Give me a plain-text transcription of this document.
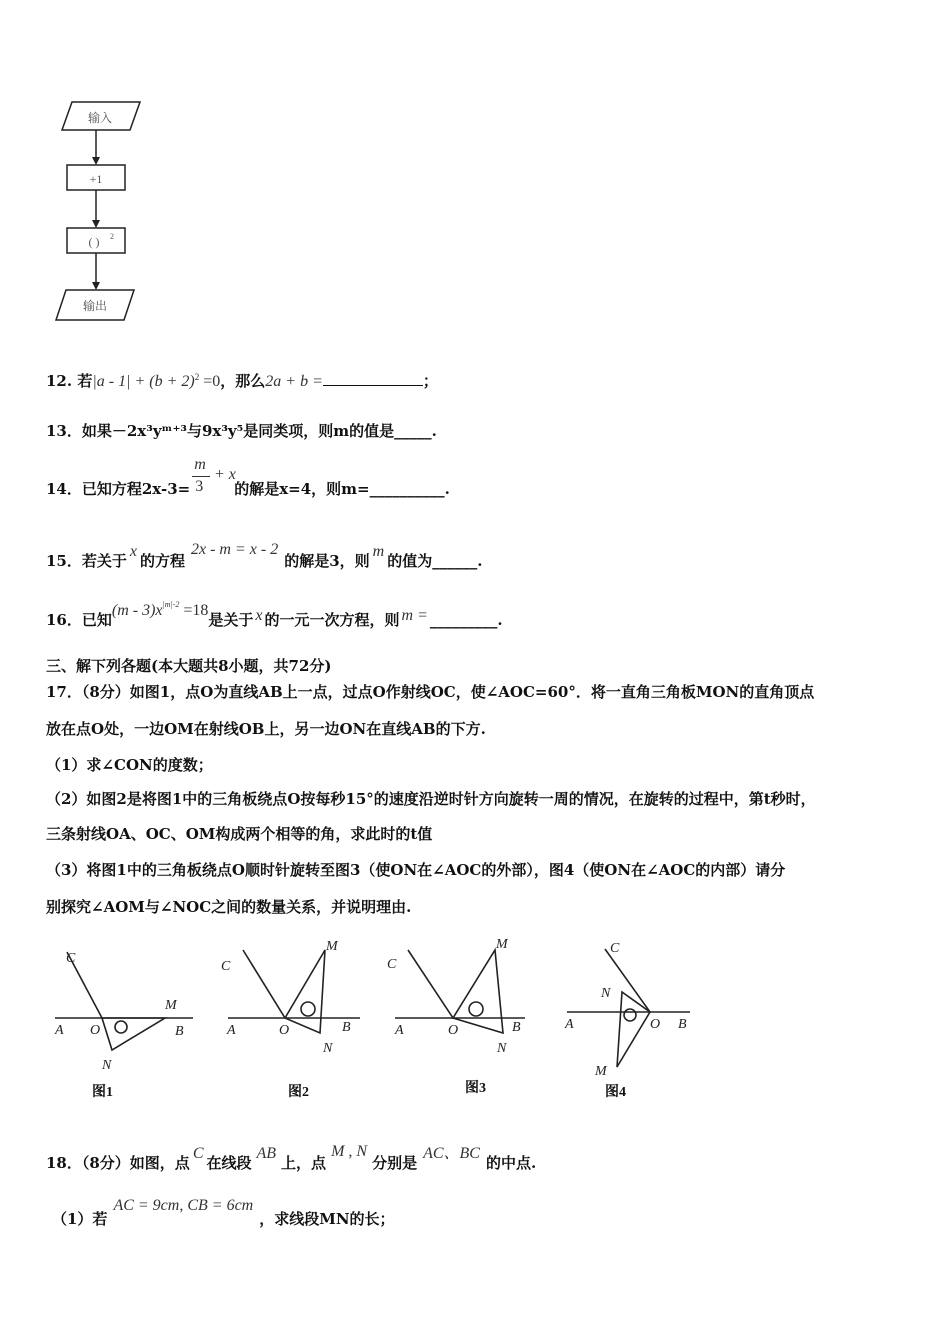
输入
+1
( ) 2
输出
12. 若$|a - 1| + (b + 2)^2 =0$，那么2a + b =	；
13．如果－2x³yᵐ⁺³与9x³y⁵是同类项，则m的值是_____.
14．已知方程$2x-3= \frac{m}{3}$
+ x
的解是x=4，则m=__________.
15．若关于x的方程2x - m = x - 2的解是3，则m的值为______.
16．已知$(m - 3)x^{|m|-2} =18$是关于 x 的一元一次方程，则 m = _________.
三、解下列各题(本大题共8小题，共72分)
17．（8分）如图1，点O为直线AB上一点，过点O作射线OC，使∠AOC=60°．将一直角三角板MON的直角顶点
放在点O处，一边OM在射线OB上，另一边ON在直线AB的下方.
（1）求∠CON的度数；
（2）如图2是将图1中的三角板绕点O按每秒15°的速度沿逆时针方向旋转一周的情况，在旋转的过程中，第t秒时，
三条射线OA、OC、OM构成两个相等的角，求此时的t值
（3）将图1中的三角板绕点O顺时针旋转至图3（使ON在∠AOC的外部），图4（使ON在∠AOC的内部）请分
别探究∠AOM与∠NOC之间的数量关系，并说明理由.
C
A O	B
M
N
C
A	O	B
M
N
C
A	O	B
M
N
C
A	O B
N
M
图1	图2	图3	图4
18．（8分）如图，点C在线段AB上，点M , N分别是AC、BC的中点.
（1）若AC = 9cm, CB = 6cm，求线段MN的长；
